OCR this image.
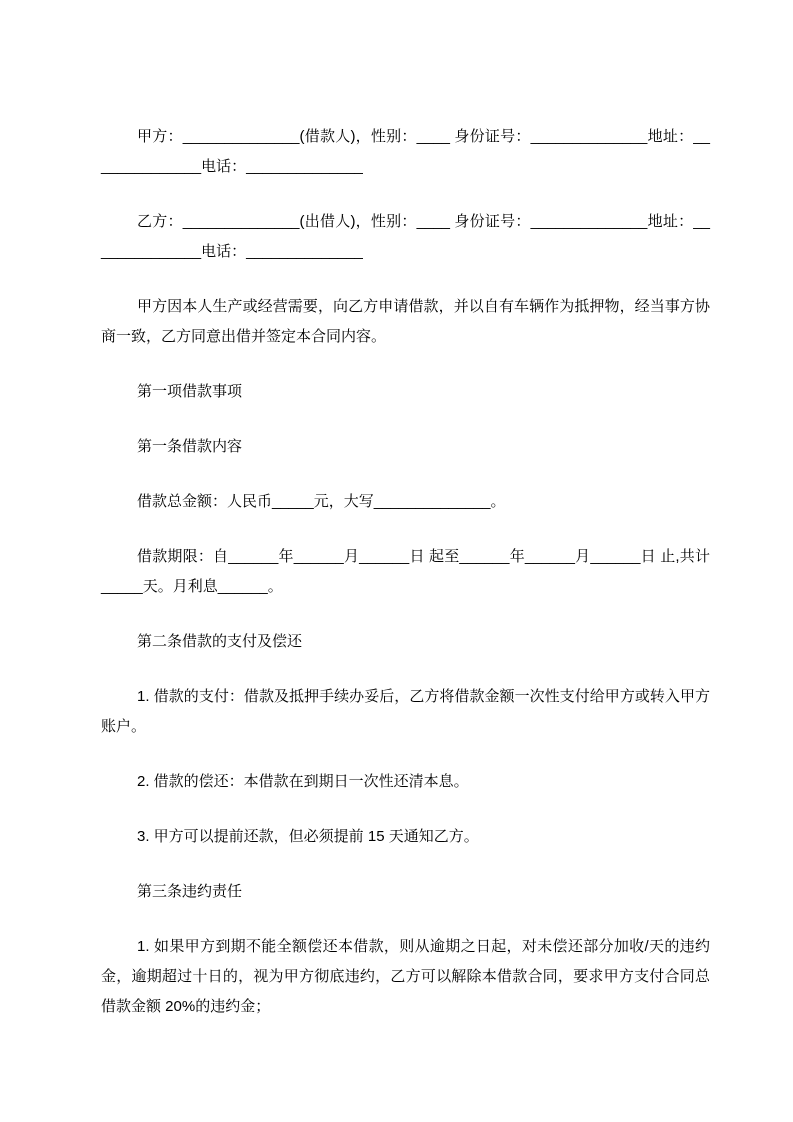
甲方：______________(借款人)，性别：____ 身份证号：______________地址：______________电话：______________

乙方：______________(出借人)，性别：____ 身份证号：______________地址：______________电话：______________

甲方因本人生产或经营需要，向乙方申请借款，并以自有车辆作为抵押物，经当事方协商一致，乙方同意出借并签定本合同内容。

第一项借款事项

第一条借款内容

借款总金额：人民币_____元，大写______________。

借款期限：自______年______月______日 起至______年______月______日 止,共计_____天。月利息______。

第二条借款的支付及偿还

1. 借款的支付：借款及抵押手续办妥后，乙方将借款金额一次性支付给甲方或转入甲方账户。

2. 借款的偿还：本借款在到期日一次性还清本息。

3. 甲方可以提前还款，但必须提前 15 天通知乙方。

第三条违约责任

1. 如果甲方到期不能全额偿还本借款，则从逾期之日起，对未偿还部分加收/天的违约金，逾期超过十日的，视为甲方彻底违约，乙方可以解除本借款合同，要求甲方支付合同总借款金额 20%的违约金；
